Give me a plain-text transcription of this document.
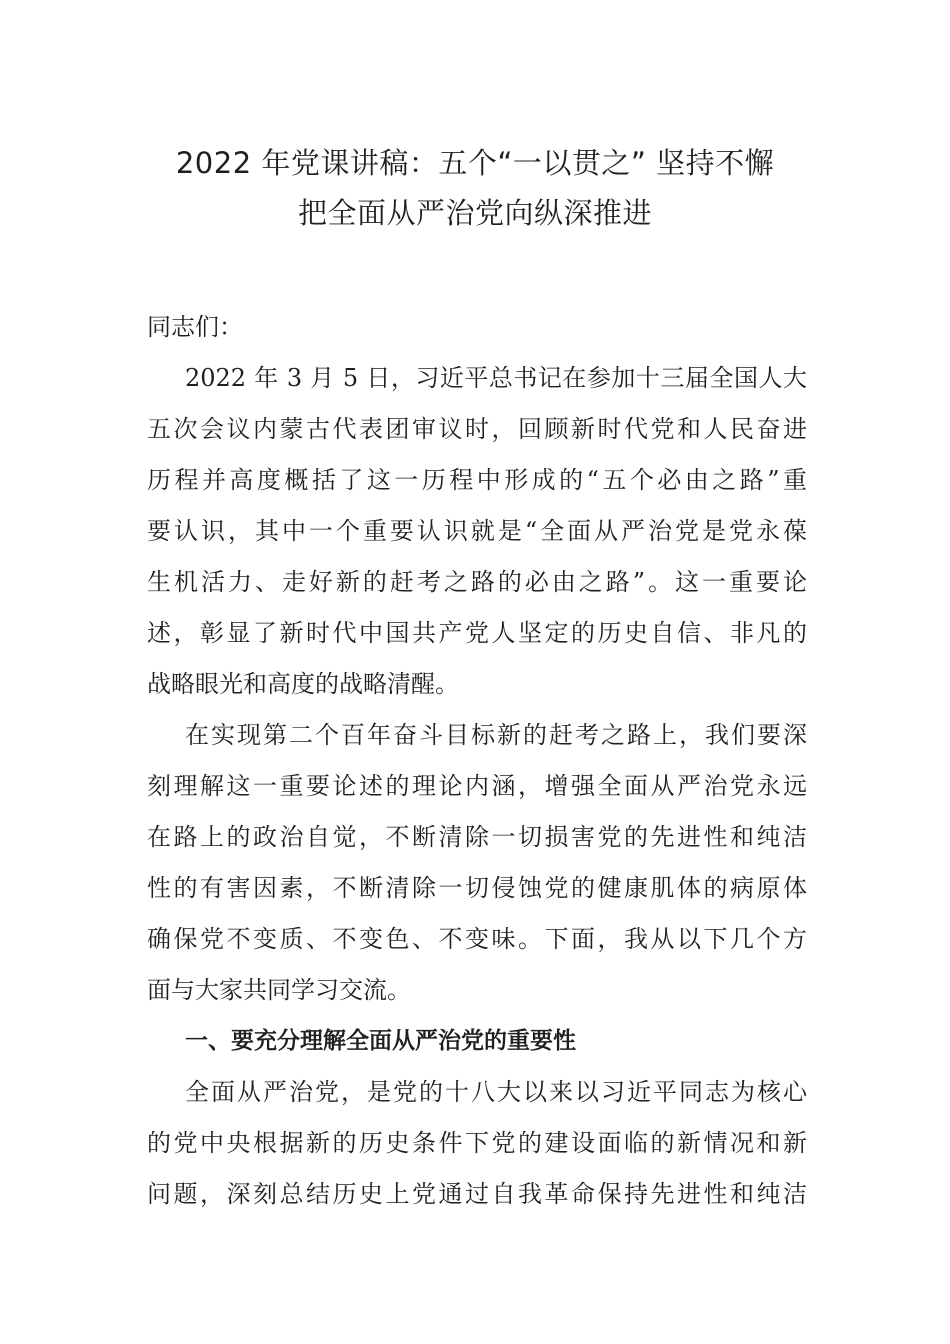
2022 年党课讲稿：五个“一以贯之” 坚持不懈
把全面从严治党向纵深推进
同志们：
2022 年 3 月 5 日，习近平总书记在参加十三届全国人大
五次会议内蒙古代表团审议时，回顾新时代党和人民奋进
历程并高度概括了这一历程中形成的“五个必由之路”重
要认识，其中一个重要认识就是“全面从严治党是党永葆
生机活力、走好新的赶考之路的必由之路”。这一重要论
述，彰显了新时代中国共产党人坚定的历史自信、非凡的
战略眼光和高度的战略清醒。
在实现第二个百年奋斗目标新的赶考之路上，我们要深
刻理解这一重要论述的理论内涵，增强全面从严治党永远
在路上的政治自觉，不断清除一切损害党的先进性和纯洁
性的有害因素，不断清除一切侵蚀党的健康肌体的病原体
确保党不变质、不变色、不变味。下面，我从以下几个方
面与大家共同学习交流。
一、要充分理解全面从严治党的重要性
全面从严治党，是党的十八大以来以习近平同志为核心
的党中央根据新的历史条件下党的建设面临的新情况和新
问题，深刻总结历史上党通过自我革命保持先进性和纯洁
